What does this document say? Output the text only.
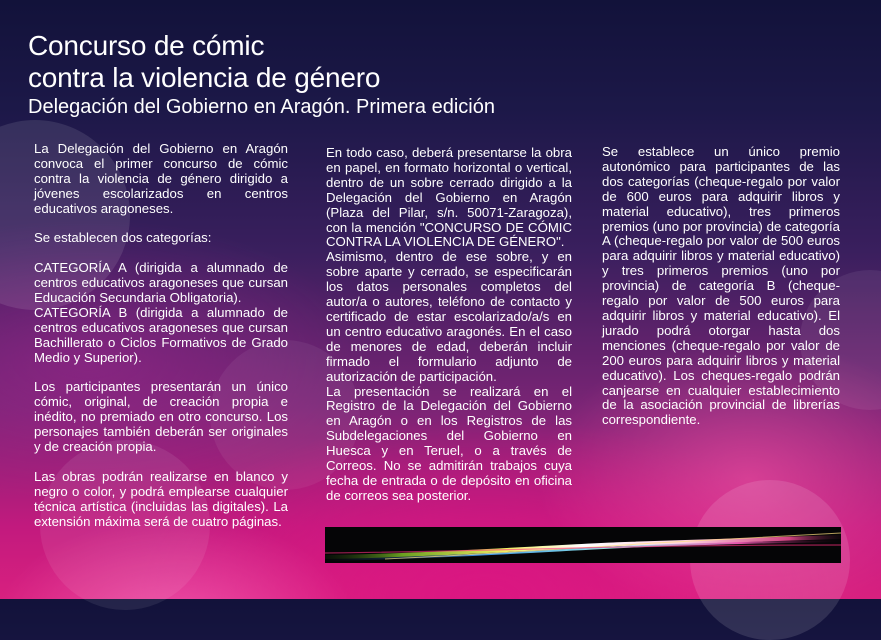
Concurso de cómic
contra la violencia de género
Delegación del Gobierno en Aragón. Primera edición

La Delegación del Gobierno en Aragón convoca el primer concurso de cómic contra la violencia de género dirigido a jóvenes escolarizados en centros educativos aragoneses.

Se establecen dos categorías:

CATEGORÍA A (dirigida a alumnado de centros educativos aragoneses que cursan Educación Secundaria Obligatoria).

CATEGORÍA B (dirigida a alumnado de centros educativos aragoneses que cursan Bachillerato o Ciclos Formativos de Grado Medio y Superior).

Los participantes presentarán un único cómic, original, de creación propia e inédito, no premiado en otro concurso. Los personajes también deberán ser originales y de creación propia.

Las obras podrán realizarse en blanco y negro o color, y podrá emplearse cualquier técnica artística (incluidas las digitales). La extensión máxima será de cuatro páginas.

En todo caso, deberá presentarse la obra en papel, en formato horizontal o vertical, dentro de un sobre cerrado dirigido a la Delegación del Gobierno en Aragón (Plaza del Pilar, s/n. 50071-Zaragoza), con la mención "CONCURSO DE CÓMIC CONTRA LA VIOLENCIA DE GÉNERO".

Asimismo, dentro de ese sobre, y en sobre aparte y cerrado, se especificarán los datos personales completos del autor/a o autores, teléfono de contacto y certificado de estar escolarizado/a/s en un centro educativo aragonés. En el caso de menores de edad, deberán incluir firmado el formulario adjunto de autorización de participación.

La presentación se realizará en el Registro de la Delegación del Gobierno en Aragón o en los Registros de las Subdelegaciones del Gobierno en Huesca y en Teruel, o a través de Correos. No se admitirán trabajos cuya fecha de entrada o de depósito en oficina de correos sea posterior.

Se establece un único premio autonómico para participantes de las dos categorías (cheque-regalo por valor de 600 euros para adquirir libros y material educativo), tres primeros premios (uno por provincia) de categoría A (cheque-regalo por valor de 500 euros para adquirir libros y material educativo) y tres primeros premios (uno por provincia) de categoría B (cheque-regalo por valor de 500 euros para adquirir libros y material educativo). El jurado podrá otorgar hasta dos menciones (cheque-regalo por valor de 200 euros para adquirir libros y material educativo). Los cheques-regalo podrán canjearse en cualquier establecimiento de la asociación provincial de librerías correspondiente.
